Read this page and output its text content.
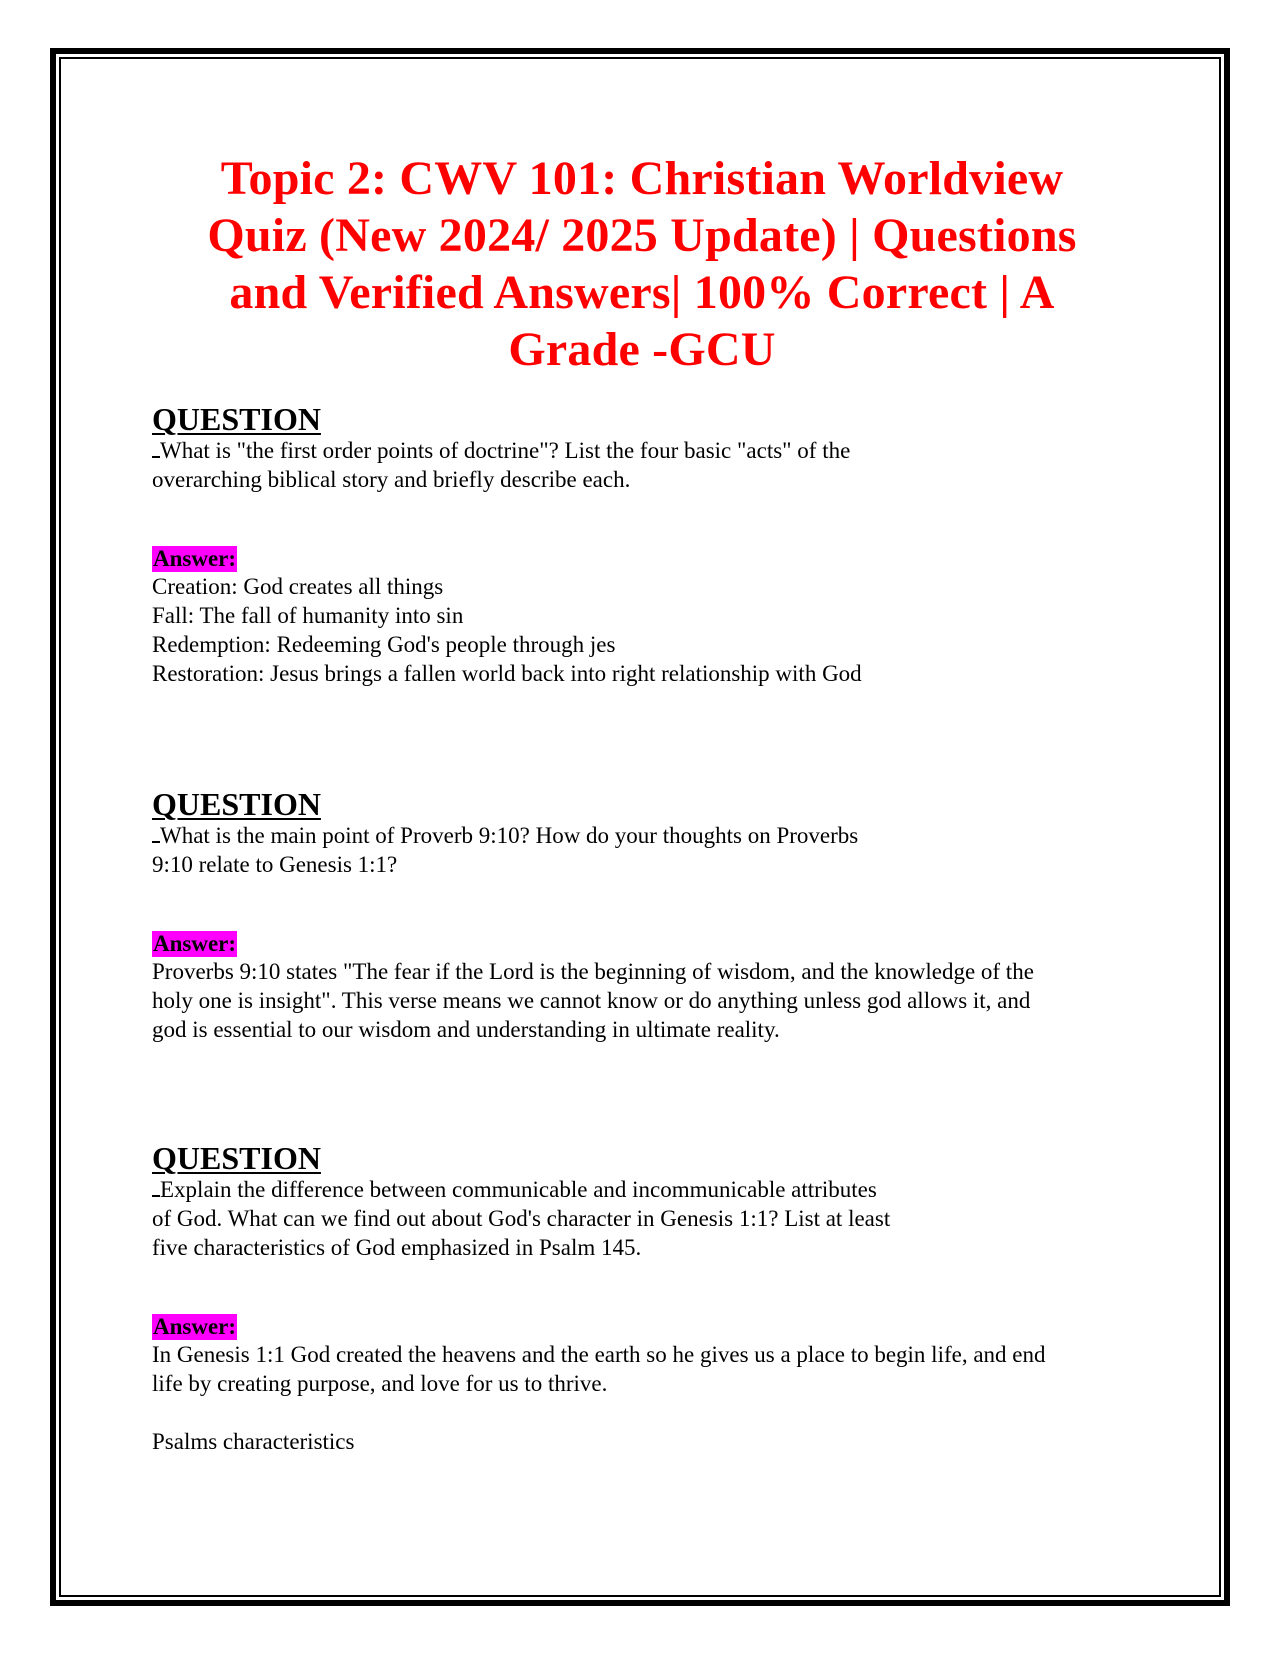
Topic 2: CWV 101: Christian Worldview
Quiz (New 2024/ 2025 Update) | Questions
and Verified Answers| 100% Correct | A
Grade -GCU
QUESTION
What is "the first order points of doctrine"? List the four basic "acts" of the
overarching biblical story and briefly describe each.
Answer:
Creation: God creates all things
Fall: The fall of humanity into sin
Redemption: Redeeming God's people through jes
Restoration: Jesus brings a fallen world back into right relationship with God
QUESTION
What is the main point of Proverb 9:10? How do your thoughts on Proverbs
9:10 relate to Genesis 1:1?
Answer:
Proverbs 9:10 states "The fear if the Lord is the beginning of wisdom, and the knowledge of the
holy one is insight". This verse means we cannot know or do anything unless god allows it, and
god is essential to our wisdom and understanding in ultimate reality.
QUESTION
Explain the difference between communicable and incommunicable attributes
of God. What can we find out about God's character in Genesis 1:1? List at least
five characteristics of God emphasized in Psalm 145.
Answer:
In Genesis 1:1 God created the heavens and the earth so he gives us a place to begin life, and end
life by creating purpose, and love for us to thrive.
Psalms characteristics
